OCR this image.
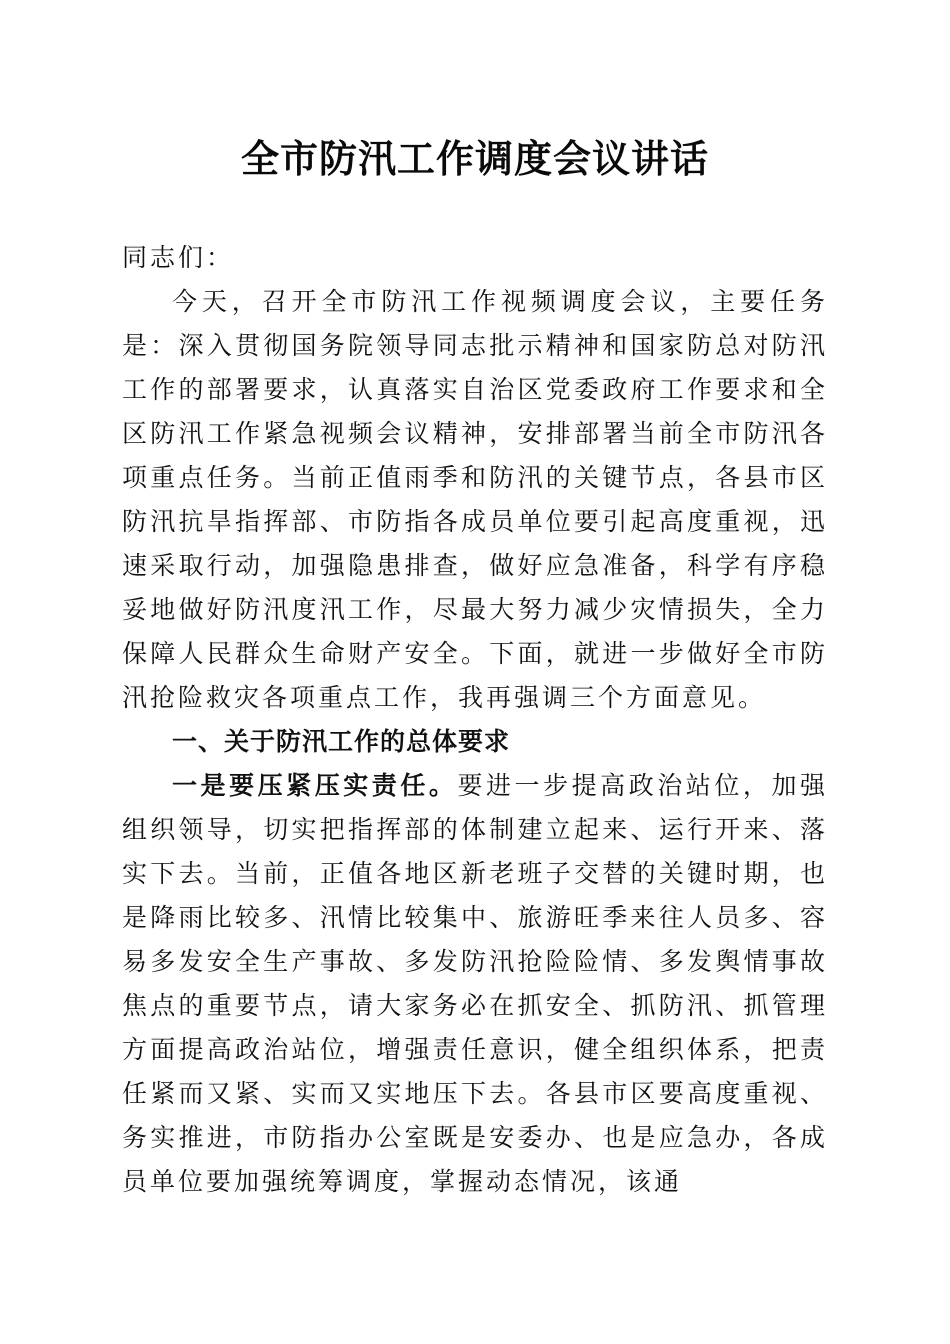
全市防汛工作调度会议讲话

同志们：

今天，召开全市防汛工作视频调度会议，主要任务是：深入贯彻国务院领导同志批示精神和国家防总对防汛工作的部署要求，认真落实自治区党委政府工作要求和全区防汛工作紧急视频会议精神，安排部署当前全市防汛各项重点任务。当前正值雨季和防汛的关键节点，各县市区防汛抗旱指挥部、市防指各成员单位要引起高度重视，迅速采取行动，加强隐患排查，做好应急准备，科学有序稳妥地做好防汛度汛工作，尽最大努力减少灾情损失，全力保障人民群众生命财产安全。下面，就进一步做好全市防汛抢险救灾各项重点工作，我再强调三个方面意见。

一、关于防汛工作的总体要求

一是要压紧压实责任。要进一步提高政治站位，加强组织领导，切实把指挥部的体制建立起来、运行开来、落实下去。当前，正值各地区新老班子交替的关键时期，也是降雨比较多、汛情比较集中、旅游旺季来往人员多、容易多发安全生产事故、多发防汛抢险险情、多发舆情事故焦点的重要节点，请大家务必在抓安全、抓防汛、抓管理方面提高政治站位，增强责任意识，健全组织体系，把责任紧而又紧、实而又实地压下去。各县市区要高度重视、务实推进，市防指办公室既是安委办、也是应急办，各成员单位要加强统筹调度，掌握动态情况，该通
